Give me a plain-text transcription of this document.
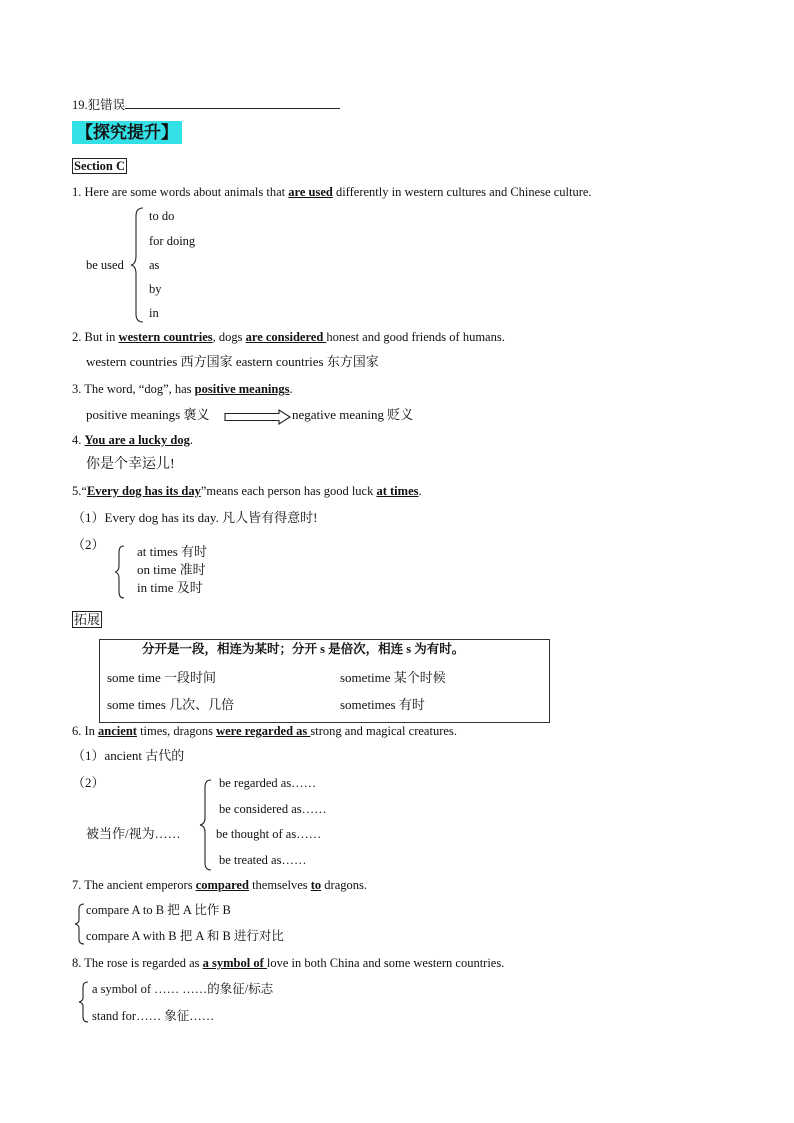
19.犯错误
【探究提升】
Section C
1. Here are some words about animals that are used differently in western cultures and Chinese culture.
be used
to do
for doing
as
by
in
2. But in western countries, dogs are considered honest and good friends of humans.
western countries 西方国家 eastern countries 东方国家
3. The word, “dog”, has positive meanings.
positive meanings 褒义	negative meaning 贬义
4. You are a lucky dog.
你是个幸运儿!
5.“Every dog has its day”means each person has good luck at times.
（1）Every dog has its day. 凡人皆有得意时!
（2） at times 有时
on time 准时
in time 及时
拓展
分开是一段，相连为某时；分开 s 是倍次，相连 s 为有时。
some time 一段时间	sometime 某个时候
some times 几次、几倍	sometimes 有时
6. In ancient times, dragons were regarded as strong and magical creatures.
（1）ancient 古代的
（2）
被当作/视为……
be regarded as……
be considered as……
be thought of as……
be treated as……
7. The ancient emperors compared themselves to dragons.
compare A to B 把 A 比作 B
compare A with B 把 A 和 B 进行对比
8. The rose is regarded as a symbol of love in both China and some western countries.
a symbol of …… ……的象征/标志
stand for…… 象征……
